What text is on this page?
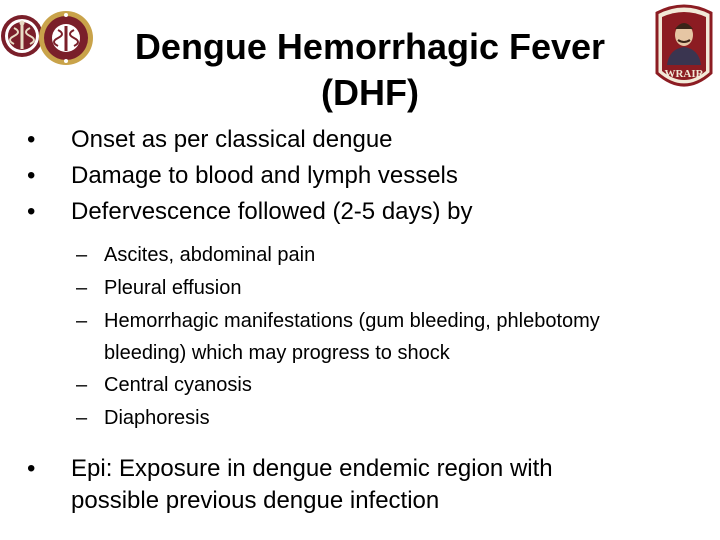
WRAIR
Dengue Hemorrhagic Fever
(DHF)
• Onset as per classical dengue
• Damage to blood and lymph vessels
• Defervescence followed (2-5 days) by
– Ascites, abdominal pain
– Pleural effusion
– Hemorrhagic manifestations (gum bleeding, phlebotomy bleeding) which may progress to shock
– Central cyanosis
– Diaphoresis
• Epi: Exposure in dengue endemic region with possible previous dengue infection
